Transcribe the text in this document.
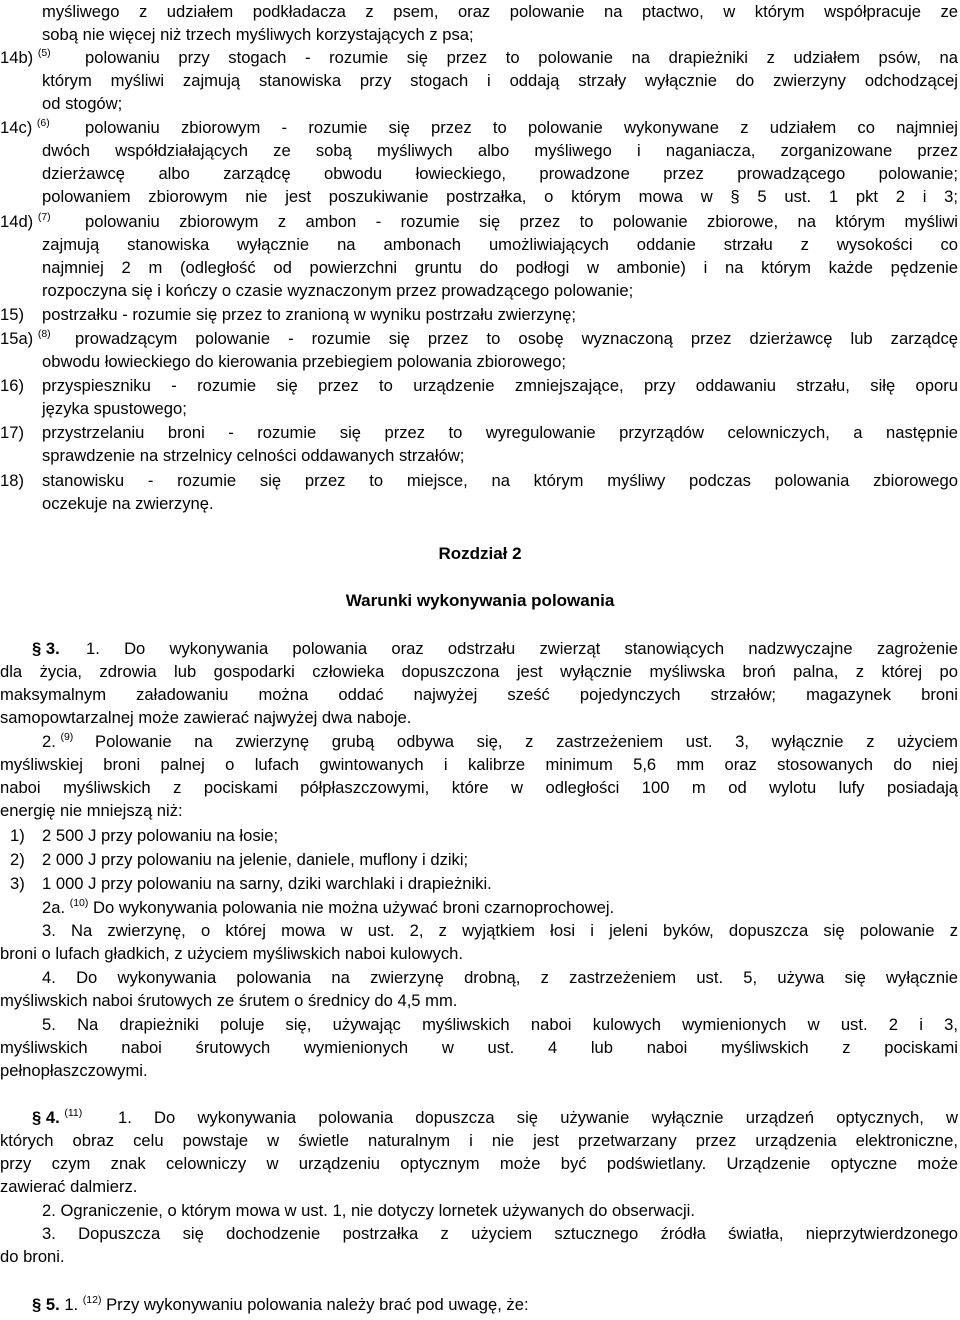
myśliwego z udziałem podkładacza z psem, oraz polowanie na ptactwo, w którym współpracuje ze
sobą nie więcej niż trzech myśliwych korzystających z psa;
14b) $^{(5)}$ polowaniu przy stogach - rozumie się przez to polowanie na drapieżniki z udziałem psów, na
którym myśliwi zajmują stanowiska przy stogach i oddają strzały wyłącznie do zwierzyny odchodzącej
od stogów;
14c) $^{(6)}$ polowaniu zbiorowym - rozumie się przez to polowanie wykonywane z udziałem co najmniej
dwóch współdziałających ze sobą myśliwych albo myśliwego i naganiacza, zorganizowane przez
dzierżawcę albo zarządcę obwodu łowieckiego, prowadzone przez prowadzącego polowanie;
polowaniem zbiorowym nie jest poszukiwanie postrzałka, o którym mowa w § 5 ust. 1 pkt 2 i 3;
14d) $^{(7)}$ polowaniu zbiorowym z ambon - rozumie się przez to polowanie zbiorowe, na którym myśliwi
zajmują stanowiska wyłącznie na ambonach umożliwiających oddanie strzału z wysokości co
najmniej 2 m (odległość od powierzchni gruntu do podłogi w ambonie) i na którym każde pędzenie
rozpoczyna się i kończy o czasie wyznaczonym przez prowadzącego polowanie;
15) postrzałku - rozumie się przez to zranioną w wyniku postrzału zwierzynę;
15a) $^{(8)}$ prowadzącym polowanie - rozumie się przez to osobę wyznaczoną przez dzierżawcę lub zarządcę
obwodu łowieckiego do kierowania przebiegiem polowania zbiorowego;
16) przyspieszniku - rozumie się przez to urządzenie zmniejszające, przy oddawaniu strzału, siłę oporu
języka spustowego;
17) przystrzelaniu broni - rozumie się przez to wyregulowanie przyrządów celowniczych, a następnie
sprawdzenie na strzelnicy celności oddawanych strzałów;
18) stanowisku - rozumie się przez to miejsce, na którym myśliwy podczas polowania zbiorowego
oczekuje na zwierzynę.
Rozdział 2
Warunki wykonywania polowania
§ 3. 1. Do wykonywania polowania oraz odstrzału zwierząt stanowiących nadzwyczajne zagrożenie
dla życia, zdrowia lub gospodarki człowieka dopuszczona jest wyłącznie myśliwska broń palna, z której po
maksymalnym załadowaniu można oddać najwyżej sześć pojedynczych strzałów; magazynek broni
samopowtarzalnej może zawierać najwyżej dwa naboje.
2. $^{(9)}$ Polowanie na zwierzynę grubą odbywa się, z zastrzeżeniem ust. 3, wyłącznie z użyciem
myśliwskiej broni palnej o lufach gwintowanych i kalibrze minimum 5,6 mm oraz stosowanych do niej
naboi myśliwskich z pociskami półpłaszczowymi, które w odległości 100 m od wylotu lufy posiadają
energię nie mniejszą niż:
1) 2 500 J przy polowaniu na łosie;
2) 2 000 J przy polowaniu na jelenie, daniele, muflony i dziki;
3) 1 000 J przy polowaniu na sarny, dziki warchlaki i drapieżniki.
2a. $^{(10)}$ Do wykonywania polowania nie można używać broni czarnoprochowej.
3. Na zwierzynę, o której mowa w ust. 2, z wyjątkiem łosi i jeleni byków, dopuszcza się polowanie z
broni o lufach gładkich, z użyciem myśliwskich naboi kulowych.
4. Do wykonywania polowania na zwierzynę drobną, z zastrzeżeniem ust. 5, używa się wyłącznie
myśliwskich naboi śrutowych ze śrutem o średnicy do 4,5 mm.
5. Na drapieżniki poluje się, używając myśliwskich naboi kulowych wymienionych w ust. 2 i 3,
myśliwskich naboi śrutowych wymienionych w ust. 4 lub naboi myśliwskich z pociskami
pełnopłaszczowymi.
§ 4. $^{(11)}$ 1. Do wykonywania polowania dopuszcza się używanie wyłącznie urządzeń optycznych, w
których obraz celu powstaje w świetle naturalnym i nie jest przetwarzany przez urządzenia elektroniczne,
przy czym znak celowniczy w urządzeniu optycznym może być podświetlany. Urządzenie optyczne może
zawierać dalmierz.
2. Ograniczenie, o którym mowa w ust. 1, nie dotyczy lornetek używanych do obserwacji.
3. Dopuszcza się dochodzenie postrzałka z użyciem sztucznego źródła światła, nieprzytwierdzonego
do broni.
§ 5. 1. $^{(12)}$ Przy wykonywaniu polowania należy brać pod uwagę, że:
